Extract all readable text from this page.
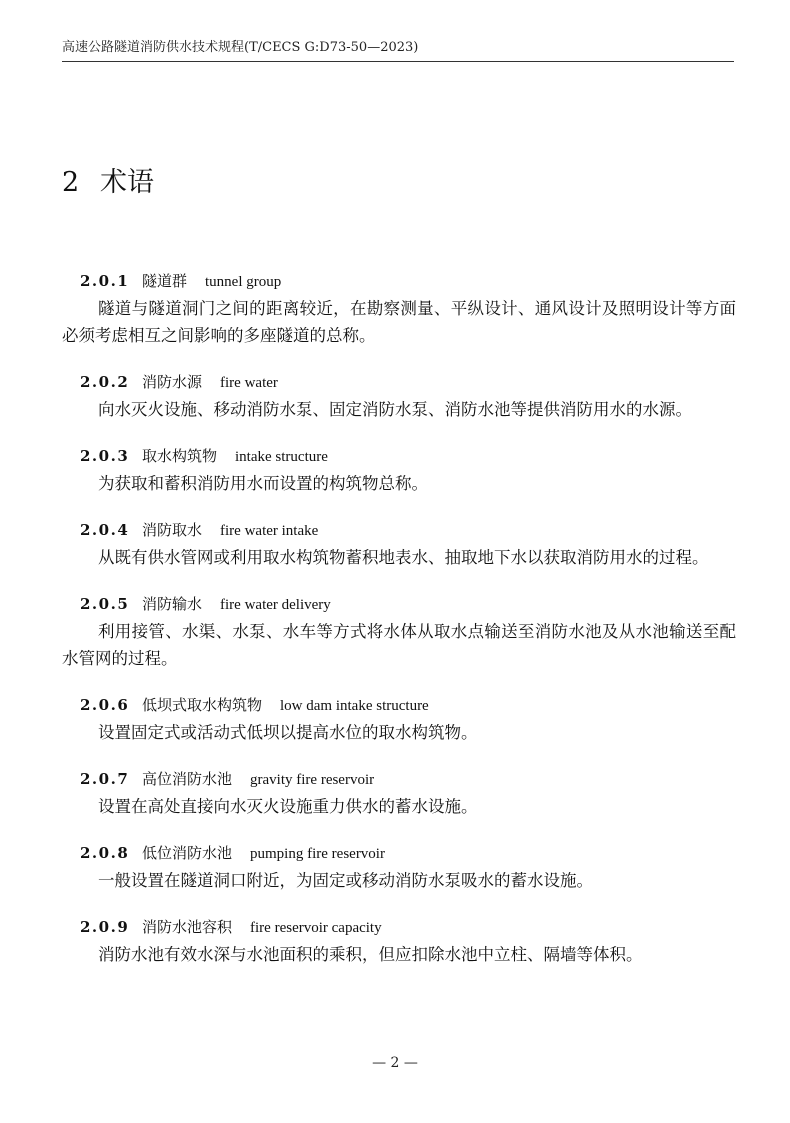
高速公路隧道消防供水技术规程(T/CECS G:D73-50—2023)
2 术语
2.0.1 隧道群 tunnel group

隧道与隧道洞门之间的距离较近，在勘察测量、平纵设计、通风设计及照明设计等方面必须考虑相互之间影响的多座隧道的总称。

2.0.2 消防水源 fire water

向水灭火设施、移动消防水泵、固定消防水泵、消防水池等提供消防用水的水源。

2.0.3 取水构筑物 intake structure

为获取和蓄积消防用水而设置的构筑物总称。

2.0.4 消防取水 fire water intake

从既有供水管网或利用取水构筑物蓄积地表水、抽取地下水以获取消防用水的过程。

2.0.5 消防输水 fire water delivery

利用接管、水渠、水泵、水车等方式将水体从取水点输送至消防水池及从水池输送至配水管网的过程。

2.0.6 低坝式取水构筑物 low dam intake structure

设置固定式或活动式低坝以提高水位的取水构筑物。

2.0.7 高位消防水池 gravity fire reservoir

设置在高处直接向水灭火设施重力供水的蓄水设施。

2.0.8 低位消防水池 pumping fire reservoir

一般设置在隧道洞口附近，为固定或移动消防水泵吸水的蓄水设施。

2.0.9 消防水池容积 fire reservoir capacity

消防水池有效水深与水池面积的乘积，但应扣除水池中立柱、隔墙等体积。

— 2 —
